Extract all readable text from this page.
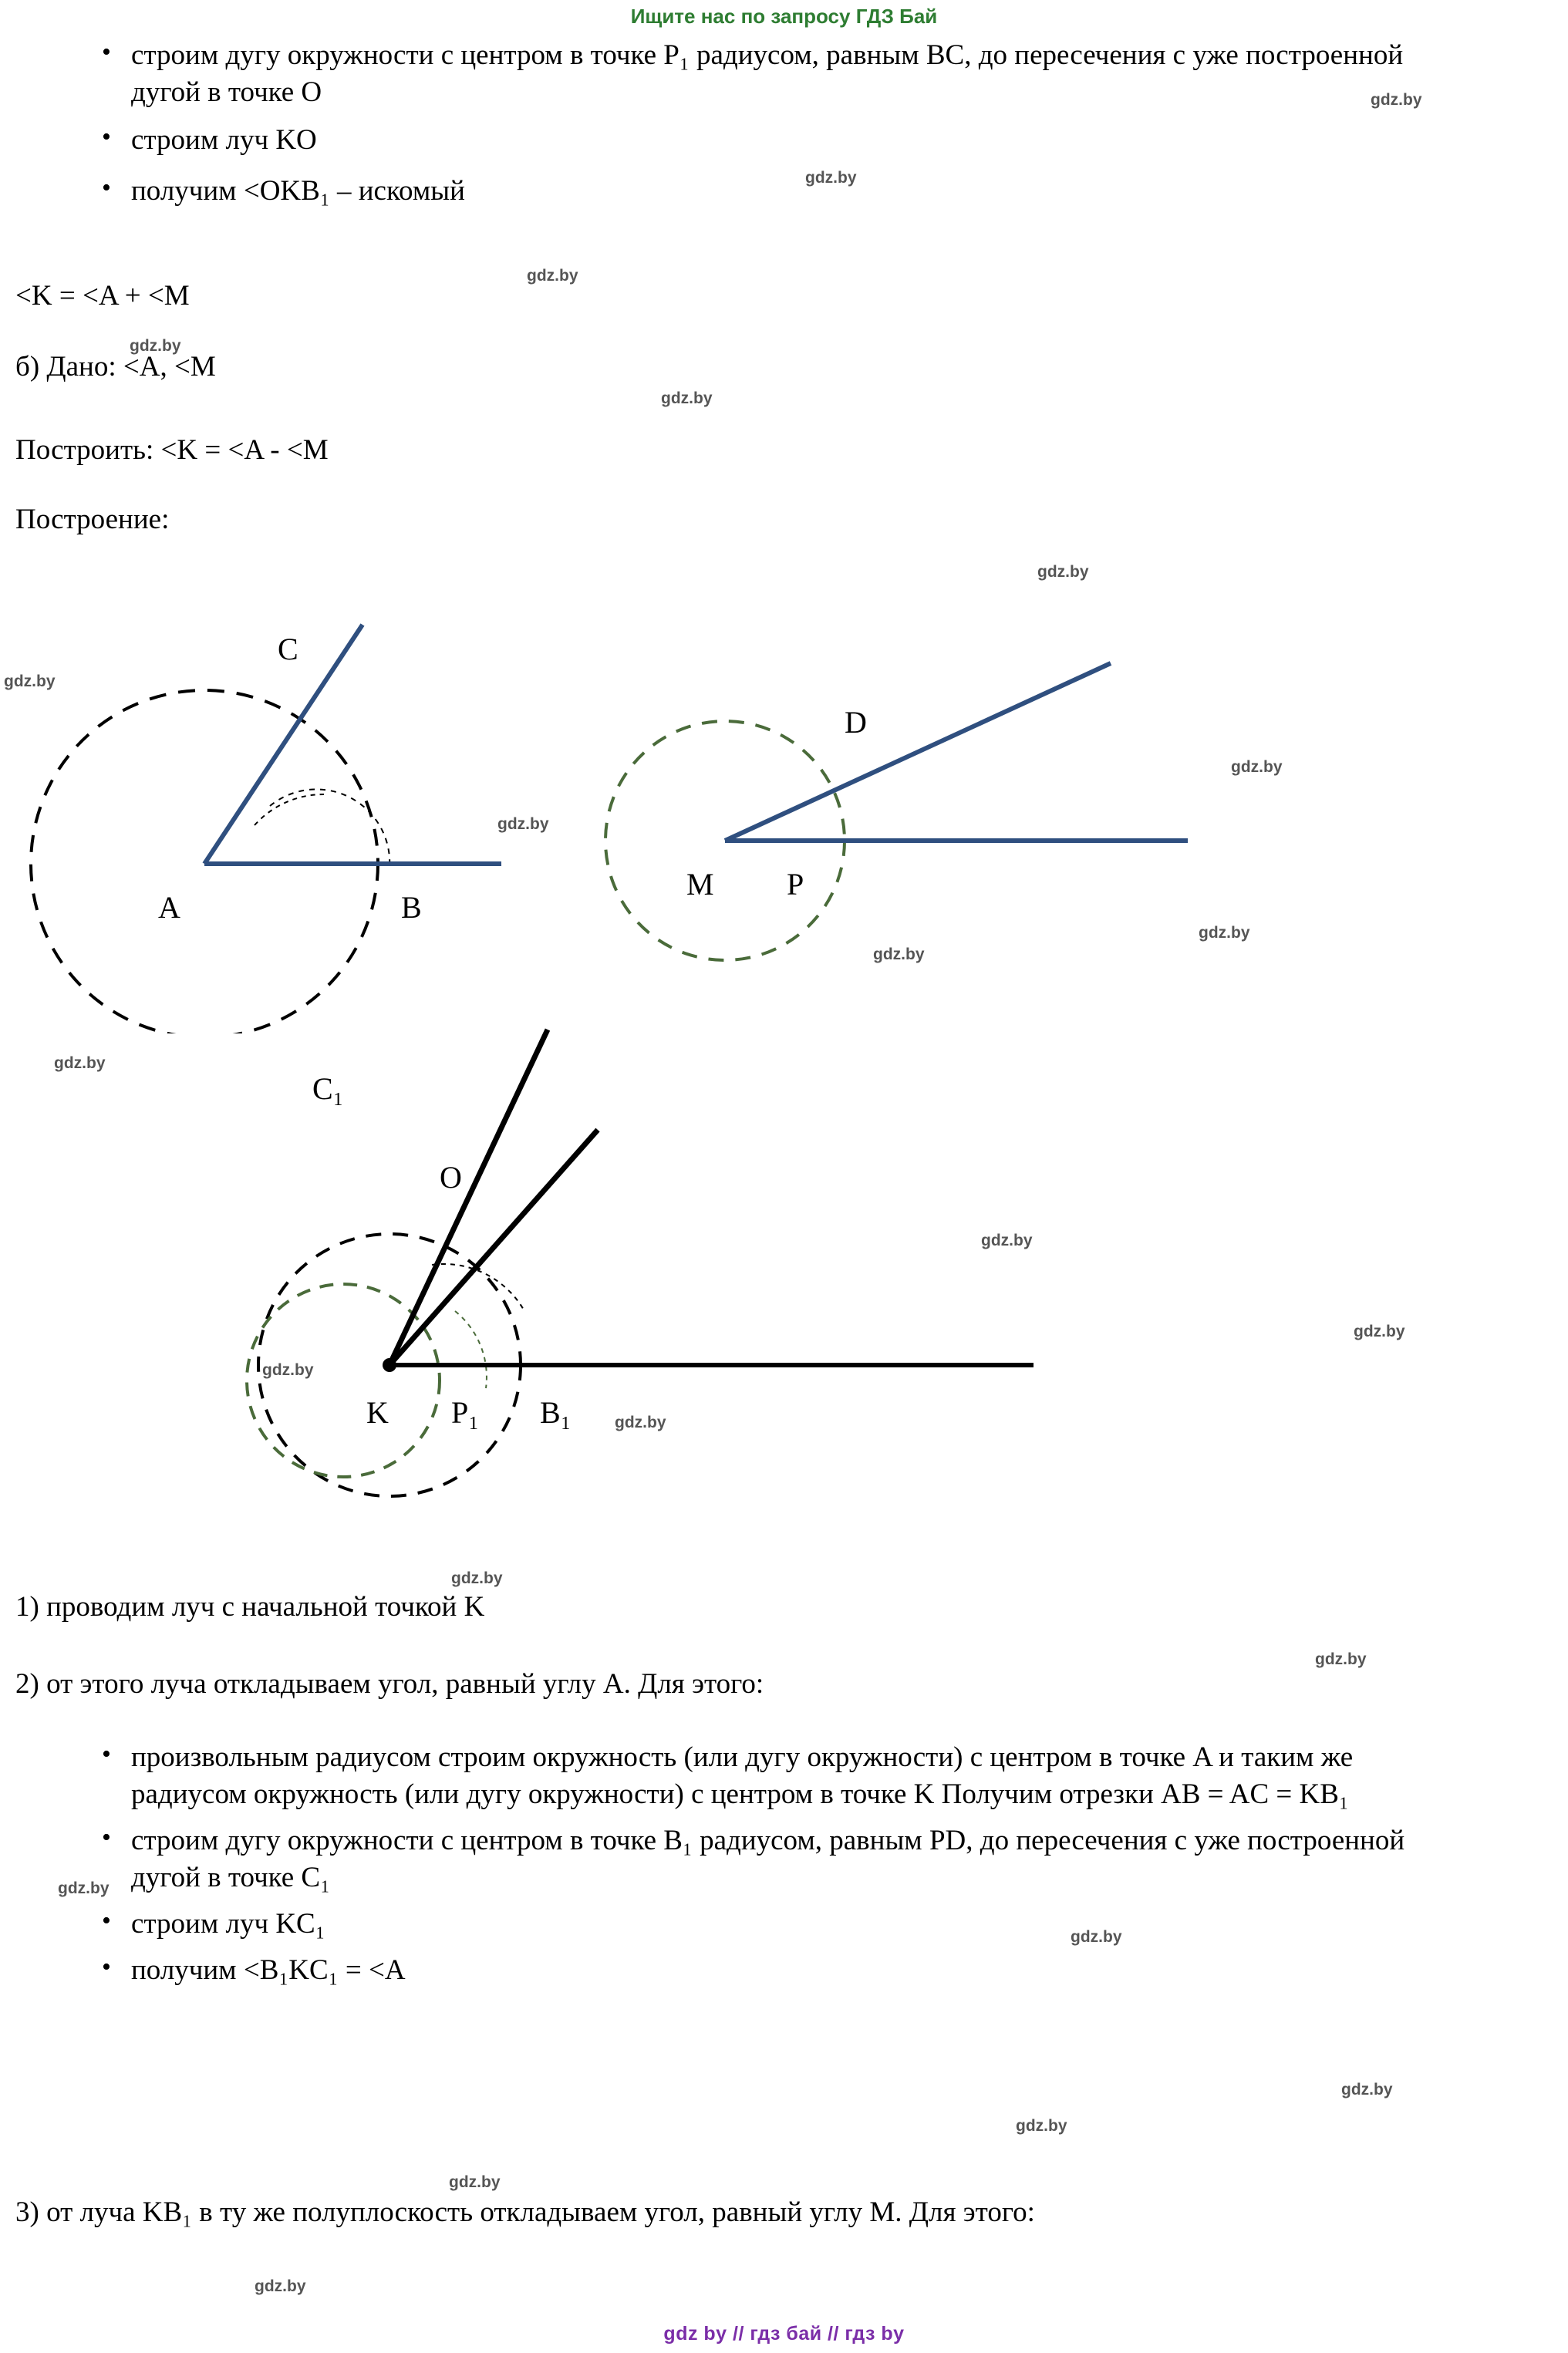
Ищите нас по запросу ГДЗ Бай
• строим дугу окружности с центром в точке P₁ радиусом, равным BC, до пересечения с уже построенной дугой в точке O
• строим луч KO
• получим <OKB₁ – искомый
<K = <A + <M
б) Дано: <A, <M
Построить: <K = <A - <M
Построение:
C
A	B
D
M P
C₁
O
K P₁ B₁
1) проводим луч с начальной точкой K
2) от этого луча откладываем угол, равный углу A. Для этого:
• произвольным радиусом строим окружность (или дугу окружности) с центром в точке A и таким же радиусом окружность (или дугу окружности) с центром в точке K Получим отрезки AB = AC = KB₁
• строим дугу окружности с центром в точке B₁ радиусом, равным PD, до пересечения с уже построенной дугой в точке C₁
• строим луч KC₁
• получим <B₁KC₁ = <A
3) от луча KB₁ в ту же полуплоскость откладываем угол, равный углу M. Для этого:
gdz by // гдз бай // гдз by
gdz.by
gdz.by
gdz.by
gdz.by
gdz.by
gdz.by
gdz.by
gdz.by
gdz.by
gdz.by
gdz.by
gdz.by
gdz.by
gdz.by
gdz.by
gdz.by
gdz.by
gdz.by
gdz.by
gdz.by
gdz.by
gdz.by
gdz.by
gdz.by
